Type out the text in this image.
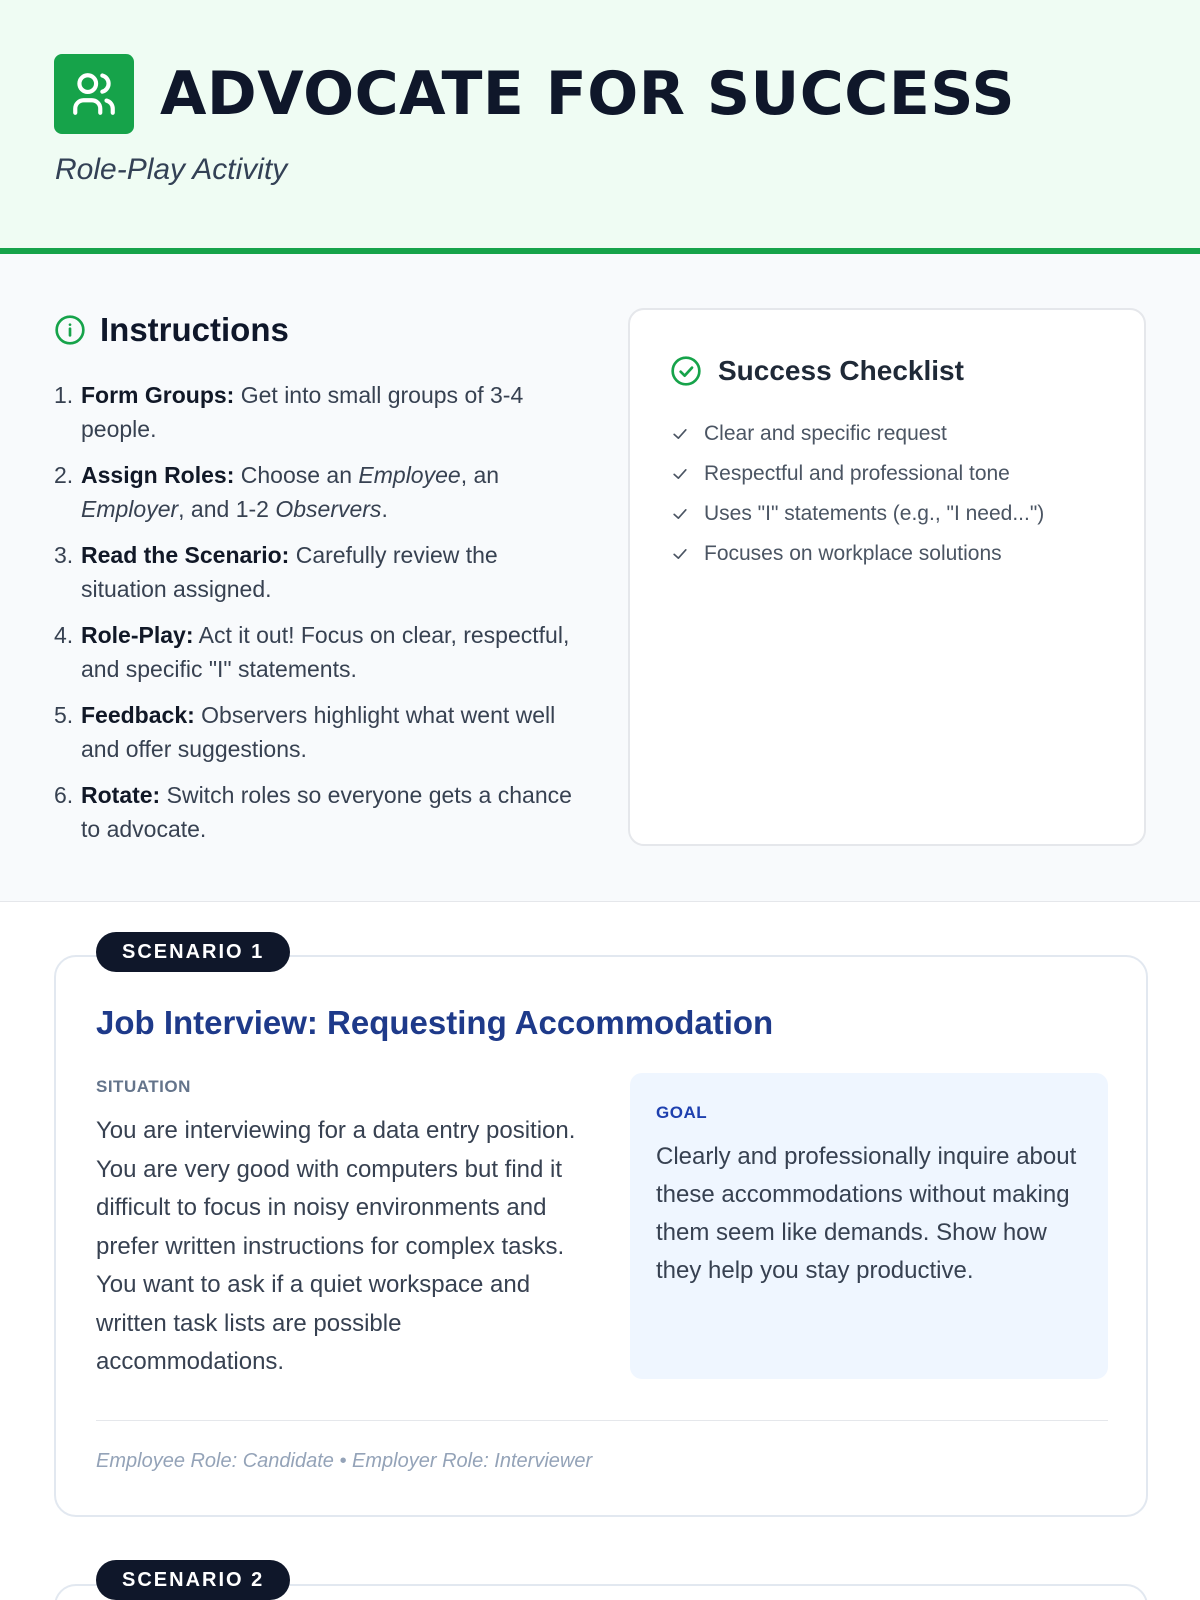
ADVOCATE FOR SUCCESS
Role-Play Activity
Instructions
1. Form Groups: Get into small groups of 3-4 people.
2. Assign Roles: Choose an Employee, an Employer, and 1-2 Observers.
3. Read the Scenario: Carefully review the situation assigned.
4. Role-Play: Act it out! Focus on clear, respectful, and specific "I" statements.
5. Feedback: Observers highlight what went well and offer suggestions.
6. Rotate: Switch roles so everyone gets a chance to advocate.
Success Checklist
Clear and specific request
Respectful and professional tone
Uses "I" statements (e.g., "I need...")
Focuses on workplace solutions
Job Interview: Requesting Accommodation
SITUATION

You are interviewing for a data entry position. You are very good with computers but find it difficult to focus in noisy environments and prefer written instructions for complex tasks. You want to ask if a quiet workspace and written task lists are possible accommodations.

GOAL

Clearly and professionally inquire about these accommodations without making them seem like demands. Show how they help you stay productive.

Employee Role: Candidate • Employer Role: Interviewer
SCENARIO 1
SCENARIO 2
